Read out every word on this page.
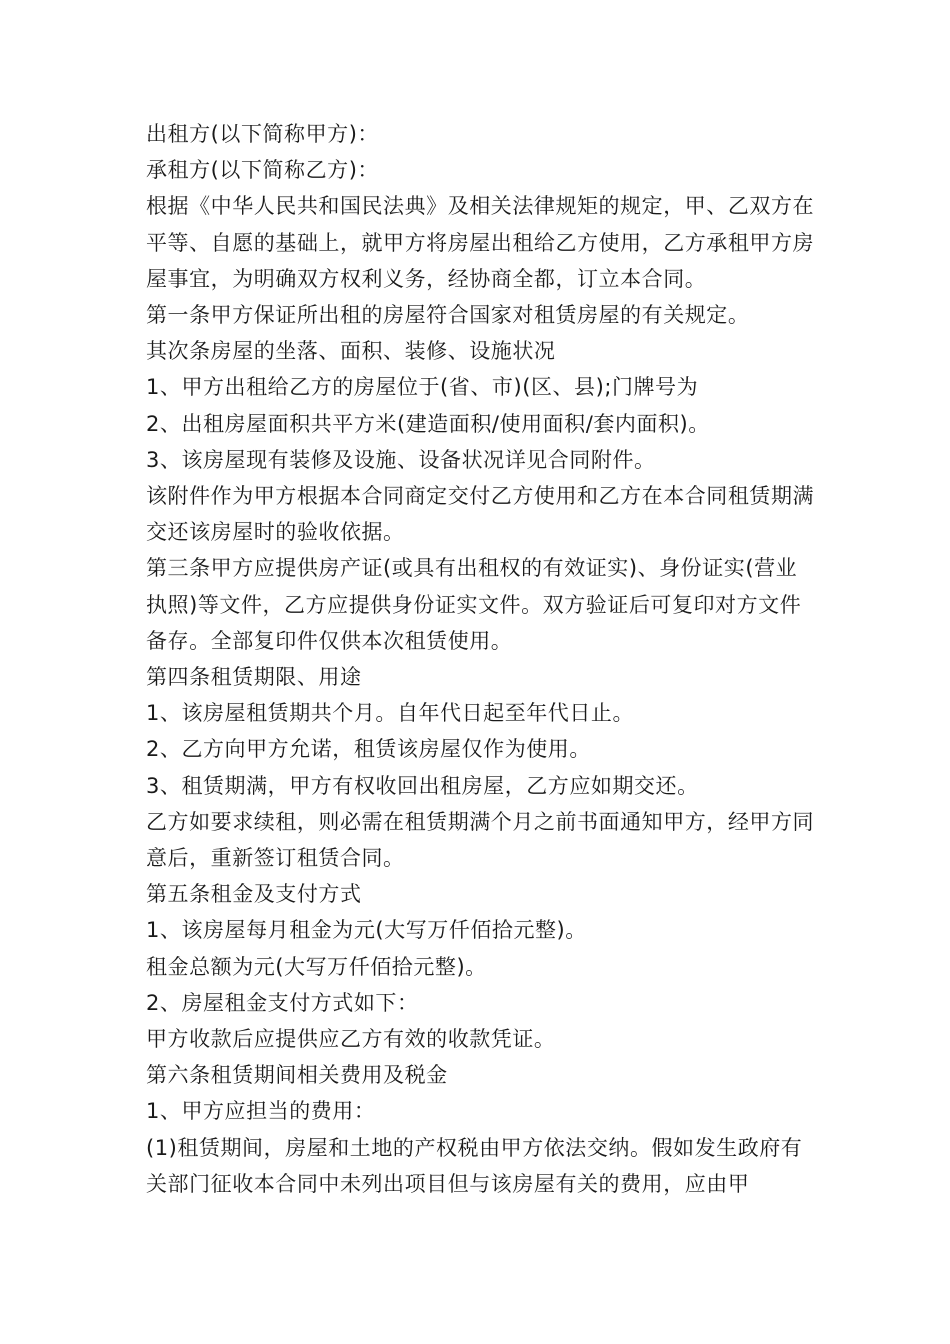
出租方(以下简称甲方)：

承租方(以下简称乙方)：

根据《中华人民共和国民法典》及相关法律规矩的规定，甲、乙双方在平等、自愿的基础上，就甲方将房屋出租给乙方使用，乙方承租甲方房屋事宜，为明确双方权利义务，经协商全都，订立本合同。

第一条甲方保证所出租的房屋符合国家对租赁房屋的有关规定。

其次条房屋的坐落、面积、装修、设施状况

1、甲方出租给乙方的房屋位于(省、市)(区、县);门牌号为

2、出租房屋面积共平方米(建造面积/使用面积/套内面积)。

3、该房屋现有装修及设施、设备状况详见合同附件。

该附件作为甲方根据本合同商定交付乙方使用和乙方在本合同租赁期满交还该房屋时的验收依据。

第三条甲方应提供房产证(或具有出租权的有效证实)、身份证实(营业执照)等文件，乙方应提供身份证实文件。双方验证后可复印对方文件备存。全部复印件仅供本次租赁使用。

第四条租赁期限、用途

1、该房屋租赁期共个月。自年代日起至年代日止。

2、乙方向甲方允诺，租赁该房屋仅作为使用。

3、租赁期满，甲方有权收回出租房屋，乙方应如期交还。

乙方如要求续租，则必需在租赁期满个月之前书面通知甲方，经甲方同意后，重新签订租赁合同。

第五条租金及支付方式

1、该房屋每月租金为元(大写万仟佰拾元整)。

租金总额为元(大写万仟佰拾元整)。

2、房屋租金支付方式如下：

甲方收款后应提供应乙方有效的收款凭证。

第六条租赁期间相关费用及税金

1、甲方应担当的费用：

(1)租赁期间，房屋和土地的产权税由甲方依法交纳。假如发生政府有关部门征收本合同中未列出项目但与该房屋有关的费用，应由甲
